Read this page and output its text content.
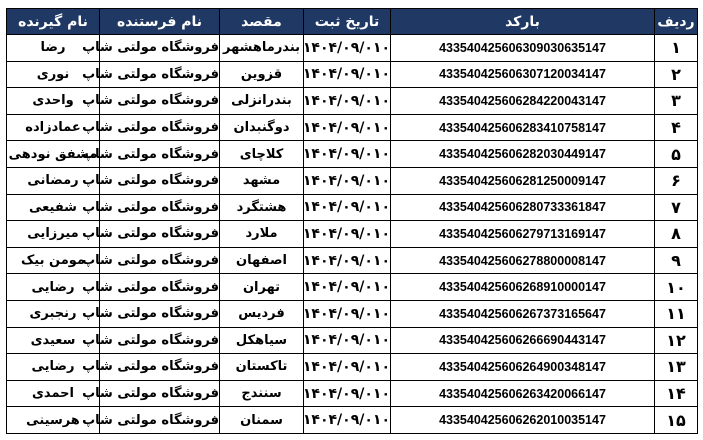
ردیف	بارکد	تاریخ ثبت	مقصد	نام فرستنده	نام گیرنده
۱	433540425606309030635147	۱۴۰۴/۰۹/۰۱۰	بندرماهشهر	فروشگاه مولتی شاپ	رضا
۲	433540425606307120034147	۱۴۰۴/۰۹/۰۱۰	قزوین	فروشگاه مولتی شاپ	نوری
۳	433540425606284220043147	۱۴۰۴/۰۹/۰۱۰	بندرانزلی	فروشگاه مولتی شاپ	واحدی
۴	433540425606283410758147	۱۴۰۴/۰۹/۰۱۰	دوگنبدان	فروشگاه مولتی شاپ	عمادزاده
۵	433540425606282030449147	۱۴۰۴/۰۹/۰۱۰	کلاچای	فروشگاه مولتی شاپ	مشفق نودهی
۶	433540425606281250009147	۱۴۰۴/۰۹/۰۱۰	مشهد	فروشگاه مولتی شاپ	رمضانی
۷	433540425606280733361847	۱۴۰۴/۰۹/۰۱۰	هشتگرد	فروشگاه مولتی شاپ	شفیعی
۸	433540425606279713169147	۱۴۰۴/۰۹/۰۱۰	ملارد	فروشگاه مولتی شاپ	میرزایی
۹	433540425606278800008147	۱۴۰۴/۰۹/۰۱۰	اصفهان	فروشگاه مولتی شاپ	مومن بیک
۱۰	433540425606268910000147	۱۴۰۴/۰۹/۰۱۰	تهران	فروشگاه مولتی شاپ	رضایی
۱۱	433540425606267373165647	۱۴۰۴/۰۹/۰۱۰	فردیس	فروشگاه مولتی شاپ	رنجبری
۱۲	433540425606266690443147	۱۴۰۴/۰۹/۰۱۰	سیاهکل	فروشگاه مولتی شاپ	سعیدی
۱۳	433540425606264900348147	۱۴۰۴/۰۹/۰۱۰	تاکستان	فروشگاه مولتی شاپ	رضایی
۱۴	433540425606263420066147	۱۴۰۴/۰۹/۰۱۰	سنندج	فروشگاه مولتی شاپ	احمدی
۱۵	433540425606262010035147	۱۴۰۴/۰۹/۰۱۰	سمنان	فروشگاه مولتی شاپ	هرسینی
